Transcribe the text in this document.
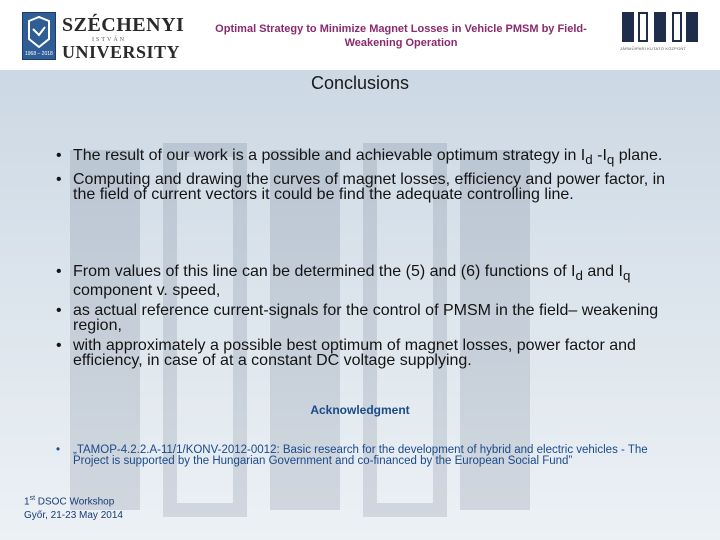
1968 – 2018
SZÉCHENYI
ISTVÁN
UNIVERSITY
Optimal Strategy to Minimize Magnet Losses in Vehicle PMSM by Field-Weakening Operation	JÁRMŰIPARI KUTATÓ KÖZPONT
Conclusions
• The result of our work is a possible and achievable optimum strategy in $I_d$ $-I_q$ plane.
• Computing and drawing the curves of magnet losses, efficiency and power factor, in the field of current vectors it could be find the adequate controlling line.
• From values of this line can be determined the (5) and (6) functions of $I_d$ and $I_q$ component v. speed,
• as actual reference current-signals for the control of PMSM in the field– weakening region,
• with approximately a possible best optimum of magnet losses, power factor and efficiency, in case of at a constant DC voltage supplying.
Acknowledgment
• „TAMOP-4.2.2.A-11/1/KONV-2012-0012: Basic research for the development of hybrid and electric vehicles - The Project is supported by the Hungarian Government and co-financed by the European Social Fund”
1st DSOC Workshop
Győr, 21-23 May 2014
